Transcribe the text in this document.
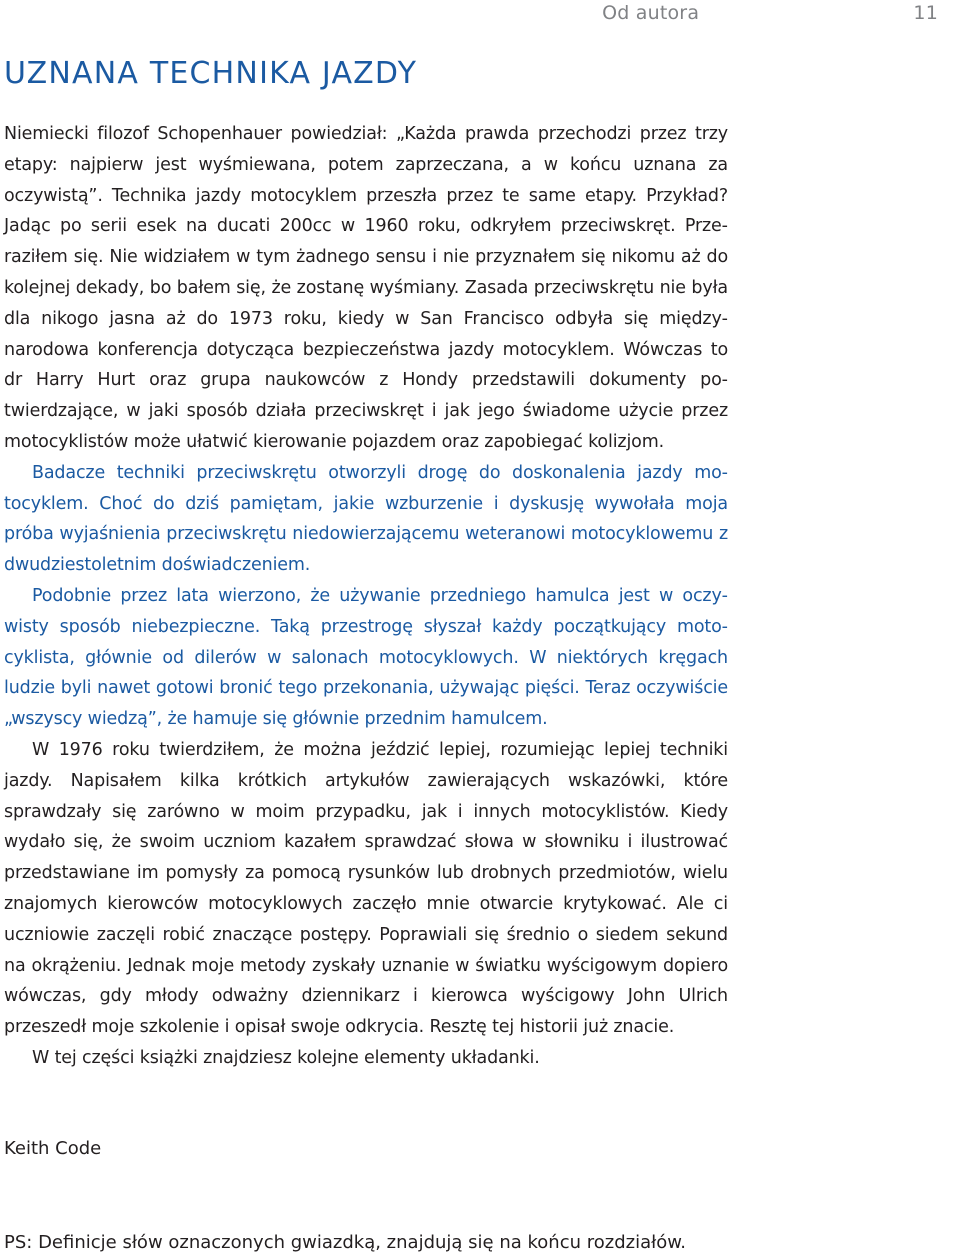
Od autora	11
UZNANA TECHNIKA JAZDY

Niemiecki filozof Schopenhauer powiedział: „Każda prawda przechodzi przez trzy etapy: najpierw jest wyśmiewana, potem zaprzeczana, a w końcu uznana za oczywistą”. Technika jazdy motocyklem przeszła przez te same etapy. Przykład? Jadąc po serii esek na ducati 200cc w 1960 roku, odkryłem przeciwskręt. Przeraziłem się. Nie widziałem w tym żadnego sensu i nie przyznałem się nikomu aż do kolejnej dekady, bo bałem się, że zostanę wyśmiany. Zasada przeciwskrętu nie była dla nikogo jasna aż do 1973 roku, kiedy w San Francisco odbyła się międzynarodowa konferencja dotycząca bezpieczeństwa jazdy motocyklem. Wówczas to dr Harry Hurt oraz grupa naukowców z Hondy przedstawili dokumenty potwierdzające, w jaki sposób działa przeciwskręt i jak jego świadome użycie przez motocyklistów może ułatwić kierowanie pojazdem oraz zapobiegać kolizjom.

Badacze techniki przeciwskrętu otworzyli drogę do doskonalenia jazdy motocyklem. Choć do dziś pamiętam, jakie wzburzenie i dyskusję wywołała moja próba wyjaśnienia przeciwskrętu niedowierzającemu weteranowi motocyklowemu z dwudziestoletnim doświadczeniem.

Podobnie przez lata wierzono, że używanie przedniego hamulca jest w oczywisty sposób niebezpieczne. Taką przestrogę słyszał każdy początkujący motocyklista, głównie od dilerów w salonach motocyklowych. W niektórych kręgach ludzie byli nawet gotowi bronić tego przekonania, używając pięści. Teraz oczywiście „wszyscy wiedzą”, że hamuje się głównie przednim hamulcem.

W 1976 roku twierdziłem, że można jeździć lepiej, rozumiejąc lepiej techniki jazdy. Napisałem kilka krótkich artykułów zawierających wskazówki, które sprawdzały się zarówno w moim przypadku, jak i innych motocyklistów. Kiedy wydało się, że swoim uczniom kazałem sprawdzać słowa w słowniku i ilustrować przedstawiane im pomysły za pomocą rysunków lub drobnych przedmiotów, wielu znajomych kierowców motocyklowych zaczęło mnie otwarcie krytykować. Ale ci uczniowie zaczęli robić znaczące postępy. Poprawiali się średnio o siedem sekund na okrążeniu. Jednak moje metody zyskały uznanie w światku wyścigowym dopiero wówczas, gdy młody odważny dziennikarz i kierowca wyścigowy John Ulrich przeszedł moje szkolenie i opisał swoje odkrycia. Resztę tej historii już znacie.

W tej części książki znajdziesz kolejne elementy układanki.

Keith Code
PS: Definicje słów oznaczonych gwiazdką, znajdują się na końcu rozdziałów.
